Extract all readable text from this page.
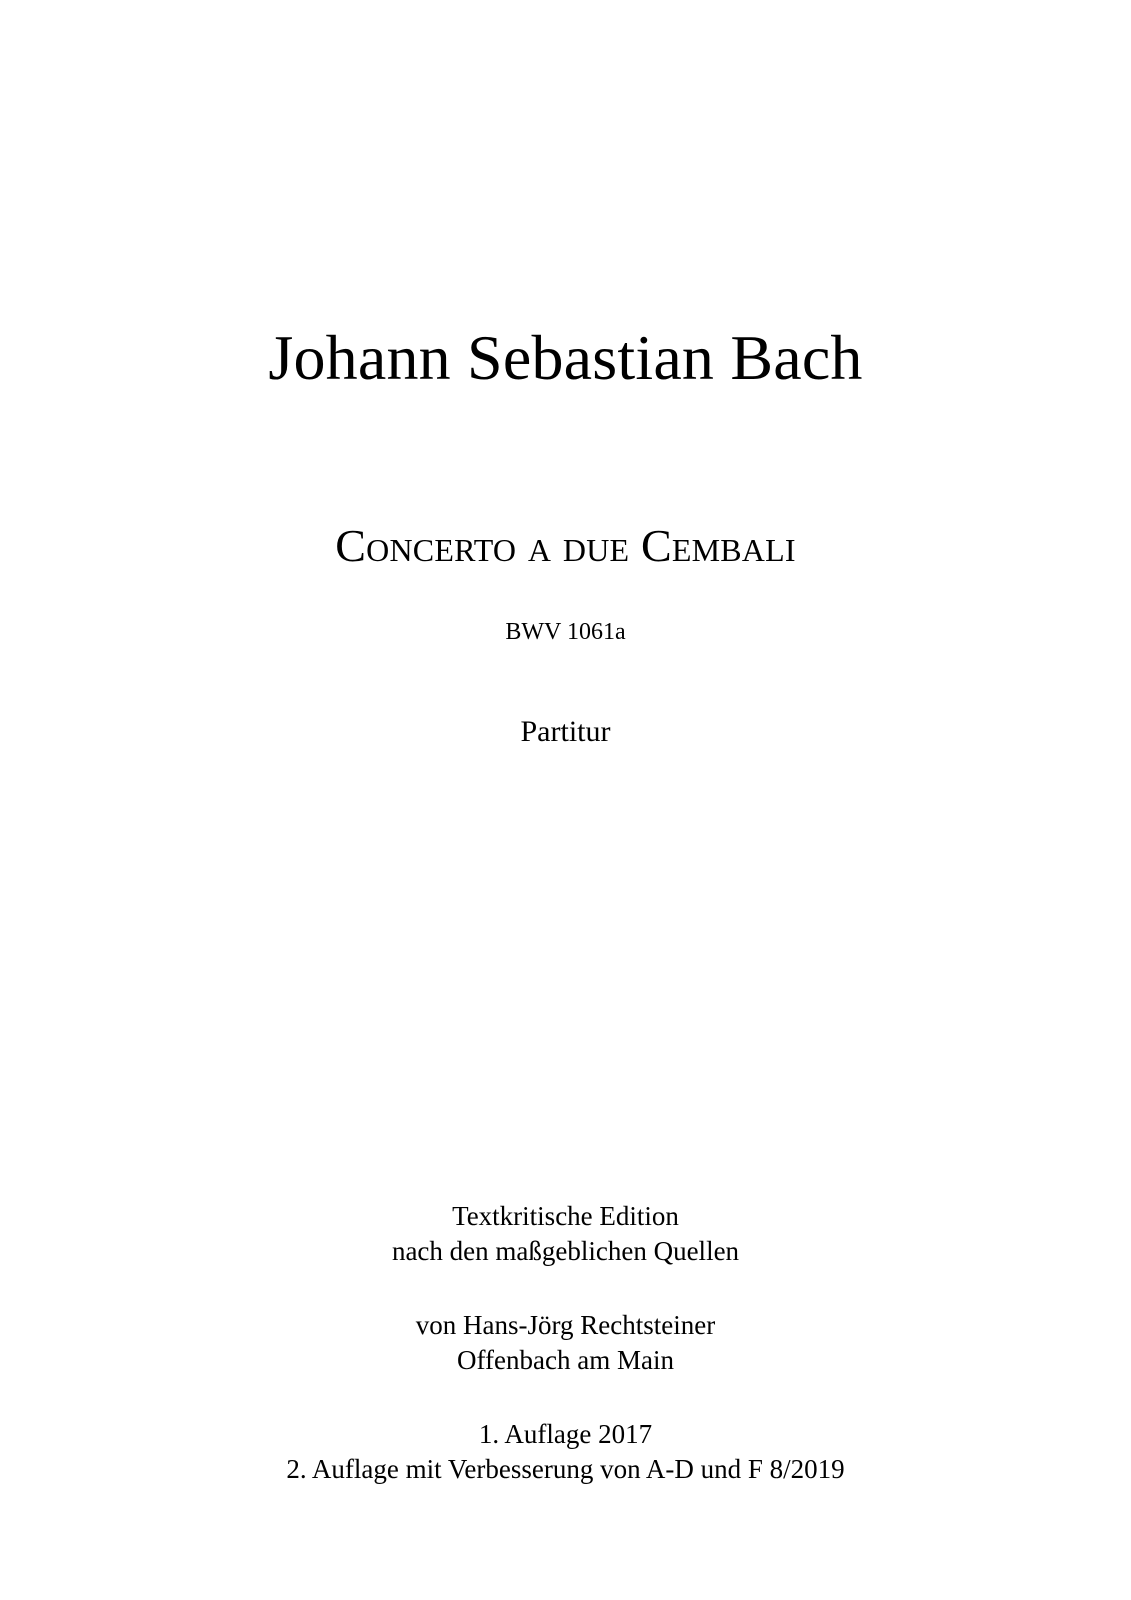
Johann Sebastian Bach
Concerto a due Cembali
BWV 1061a
Partitur
Textkritische Edition
nach den maßgeblichen Quellen
von Hans-Jörg Rechtsteiner
Offenbach am Main
1. Auflage 2017
2. Auflage mit Verbesserung von A-D und F 8/2019
